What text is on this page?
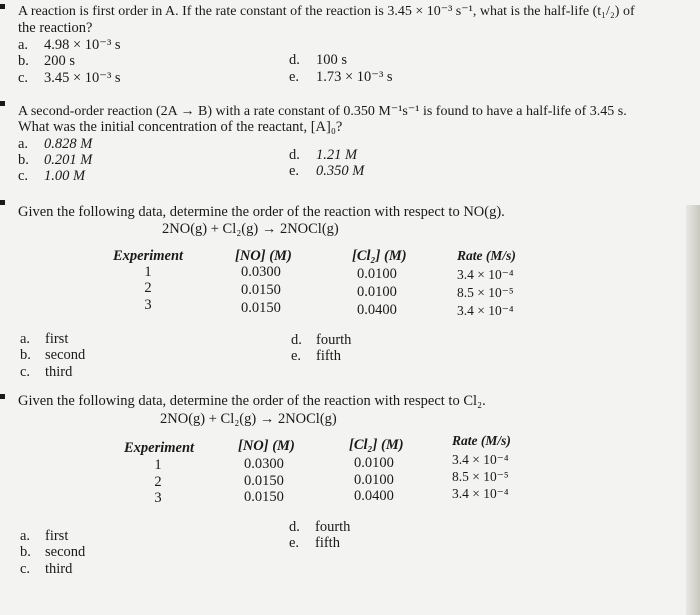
A reaction is first order in A. If the rate constant of the reaction is 3.45 × 10⁻³ s⁻¹, what is the half-life (t₁/₂) of
the reaction?
a. 4.98 × 10⁻³ s
b. 200 s
c. 3.45 × 10⁻³ s
d. 100 s
e. 1.73 × 10⁻³ s
A second-order reaction (2A → B) with a rate constant of 0.350 M⁻¹s⁻¹ is found to have a half-life of 3.45 s.
What was the initial concentration of the reactant, [A]₀?
a. 0.828 M
b. 0.201 M
c. 1.00 M
d. 1.21 M
e. 0.350 M
Given the following data, determine the order of the reaction with respect to NO(g).
2NO(g) + Cl₂(g) → 2NOCl(g)
Experiment	[NO] (M)	[Cl₂] (M)	Rate (M/s)
1	0.0300	0.0100	3.4 × 10⁻⁴
2	0.0150	0.0100	8.5 × 10⁻⁵
3	0.0150	0.0400	3.4 × 10⁻⁴
a. first
b. second
c. third
d. fourth
e. fifth
Given the following data, determine the order of the reaction with respect to Cl₂.
2NO(g) + Cl₂(g) → 2NOCl(g)
Experiment	[NO] (M)	[Cl₂] (M)	Rate (M/s)
1	0.0300	0.0100	3.4 × 10⁻⁴
2	0.0150	0.0100	8.5 × 10⁻⁵
3	0.0150	0.0400	3.4 × 10⁻⁴
a. first
b. second
c. third
d. fourth
e. fifth
